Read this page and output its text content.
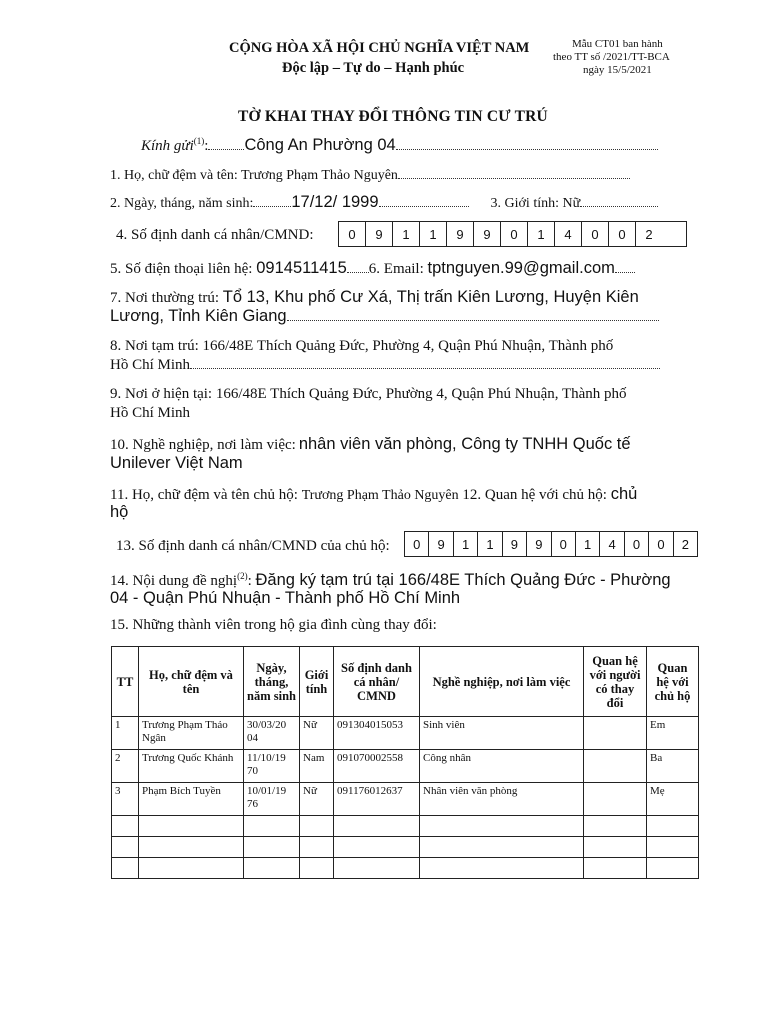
CỘNG HÒA XÃ HỘI CHỦ NGHĨA VIỆT NAM
Độc lập – Tự do – Hạnh phúc
Mẫu CT01 ban hành
theo TT số /2021/TT-BCA
ngày 15/5/2021
TỜ KHAI THAY ĐỔI THÔNG TIN CƯ TRÚ
Kính gửi$^{(1)}$: Công An Phường 04
1. Họ, chữ đệm và tên: Trương Phạm Thảo Nguyên
2. Ngày, tháng, năm sinh: 17/12/ 1999	3. Giới tính: Nữ
4. Số định danh cá nhân/CMND:	0	9	1	1	9	9	0	1	4	0	0	2
5. Số điện thoại liên hệ: 0914511415 6. Email: tptnguyen.99@gmail.com
7. Nơi thường trú: Tổ 13, Khu phố Cư Xá, Thị trấn Kiên Lương, Huyện Kiên
Lương, Tỉnh Kiên Giang
8. Nơi tạm trú: 166/48E Thích Quảng Đức, Phường 4, Quận Phú Nhuận, Thành phố
Hồ Chí Minh
9. Nơi ở hiện tại: 166/48E Thích Quảng Đức, Phường 4, Quận Phú Nhuận, Thành phố
Hồ Chí Minh
10. Nghề nghiệp, nơi làm việc: nhân viên văn phòng, Công ty TNHH Quốc tế
Unilever Việt Nam
11. Họ, chữ đệm và tên chủ hộ: Trương Phạm Thảo Nguyên 12. Quan hệ với chủ hộ: chủ
hộ
13. Số định danh cá nhân/CMND của chủ hộ:	0	9	1	1	9	9	0	1	4	0	0	2
14. Nội dung đề nghị$^{(2)}$: Đăng ký tạm trú tại 166/48E Thích Quảng Đức - Phường
04 - Quận Phú Nhuận - Thành phố Hồ Chí Minh
15. Những thành viên trong hộ gia đình cùng thay đổi:
TT	Họ, chữ đệm và tên	Ngày, tháng, năm sinh	Giới tính	Số định danh cá nhân/ CMND	Nghề nghiệp, nơi làm việc	Quan hệ với người có thay đổi	Quan hệ với chủ hộ
1	Trương Phạm Thảo Ngân	30/03/20 04	Nữ	091304015053	Sinh viên		Em
2	Trương Quốc Khánh	11/10/19 70	Nam	091070002558	Công nhân		Ba
3	Phạm Bích Tuyền	10/01/19 76	Nữ	091176012637	Nhân viên văn phòng		Mẹ
